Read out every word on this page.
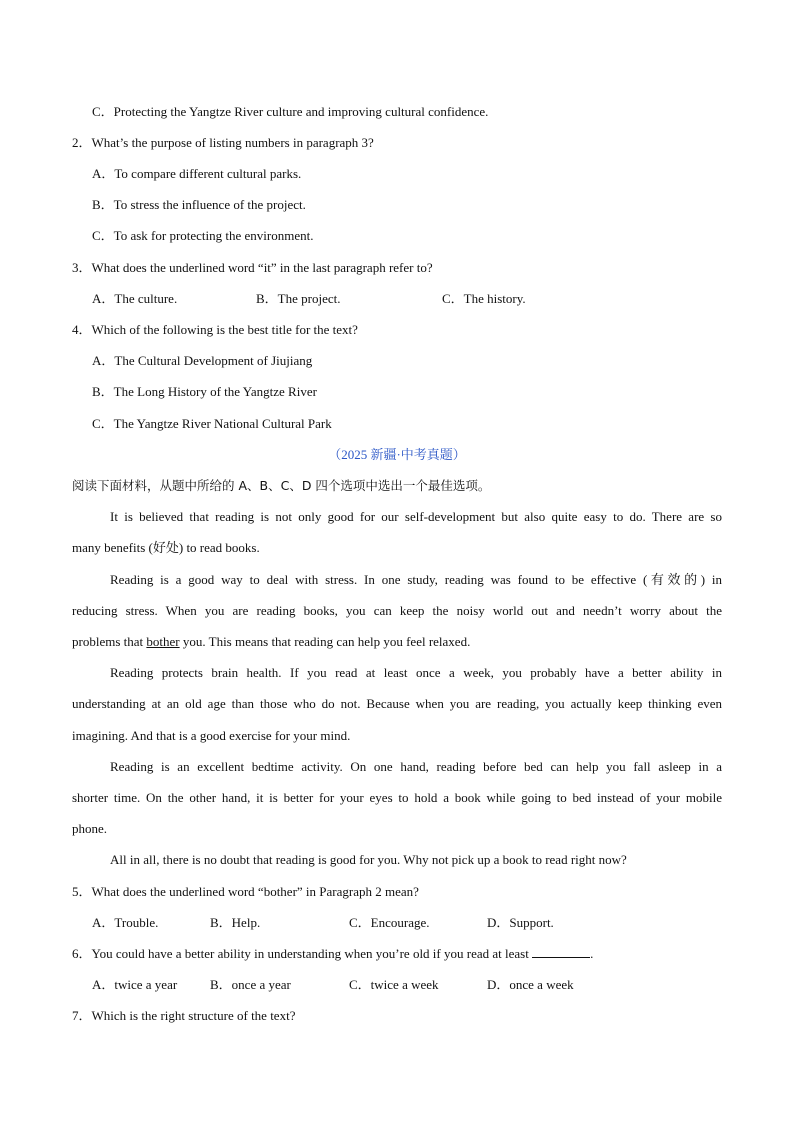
C．Protecting the Yangtze River culture and improving cultural confidence.
2．What’s the purpose of listing numbers in paragraph 3?
A．To compare different cultural parks.
B．To stress the influence of the project.
C．To ask for protecting the environment.
3．What does the underlined word “it” in the last paragraph refer to?
A．The culture.	B．The project.	C．The history.
4．Which of the following is the best title for the text?
A．The Cultural Development of Jiujiang
B．The Long History of the Yangtze River
C．The Yangtze River National Cultural Park
（2025 新疆·中考真题）
阅读下面材料，从题中所给的 A、B、C、D 四个选项中选出一个最佳选项。
It is believed that reading is not only good for our self-development but also quite easy to do. There are so
many benefits (好处) to read books.
Reading is a good way to deal with stress. In one study, reading was found to be effective (有效的) in
reducing stress. When you are reading books, you can keep the noisy world out and needn’t worry about the
problems that bother you. This means that reading can help you feel relaxed.
Reading protects brain health. If you read at least once a week, you probably have a better ability in
understanding at an old age than those who do not. Because when you are reading, you actually keep thinking even
imagining. And that is a good exercise for your mind.
Reading is an excellent bedtime activity. On one hand, reading before bed can help you fall asleep in a
shorter time. On the other hand, it is better for your eyes to hold a book while going to bed instead of your mobile
phone.
All in all, there is no doubt that reading is good for you. Why not pick up a book to read right now?
5．What does the underlined word “bother” in Paragraph 2 mean?
A．Trouble.	B．Help.	C．Encourage.	D．Support.
6．You could have a better ability in understanding when you’re old if you read at least	.
A．twice a year	B．once a year	C．twice a week	D．once a week
7．Which is the right structure of the text?
